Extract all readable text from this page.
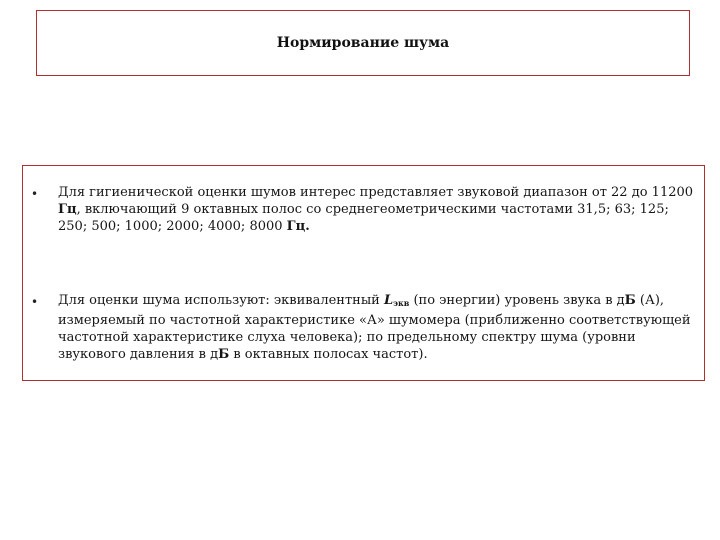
Нормирование шума
• Для гигиенической оценки шумов интерес представляет звуковой диапазон от 22 до 11200 Гц, включающий 9 октавных полос со среднегеометрическими частотами 31,5; 63; 125; 250; 500; 1000; 2000; 4000; 8000 Гц.

• Для оценки шума используют: эквивалентный $L_{экв}$ (по энергии) уровень звука в дБ (А), измеряемый по частотной характеристике «А» шумомера (приближенно соответствующей частотной характеристике слуха человека); по предельному спектру шума (уровни звукового давления в дБ в октавных полосах частот).
